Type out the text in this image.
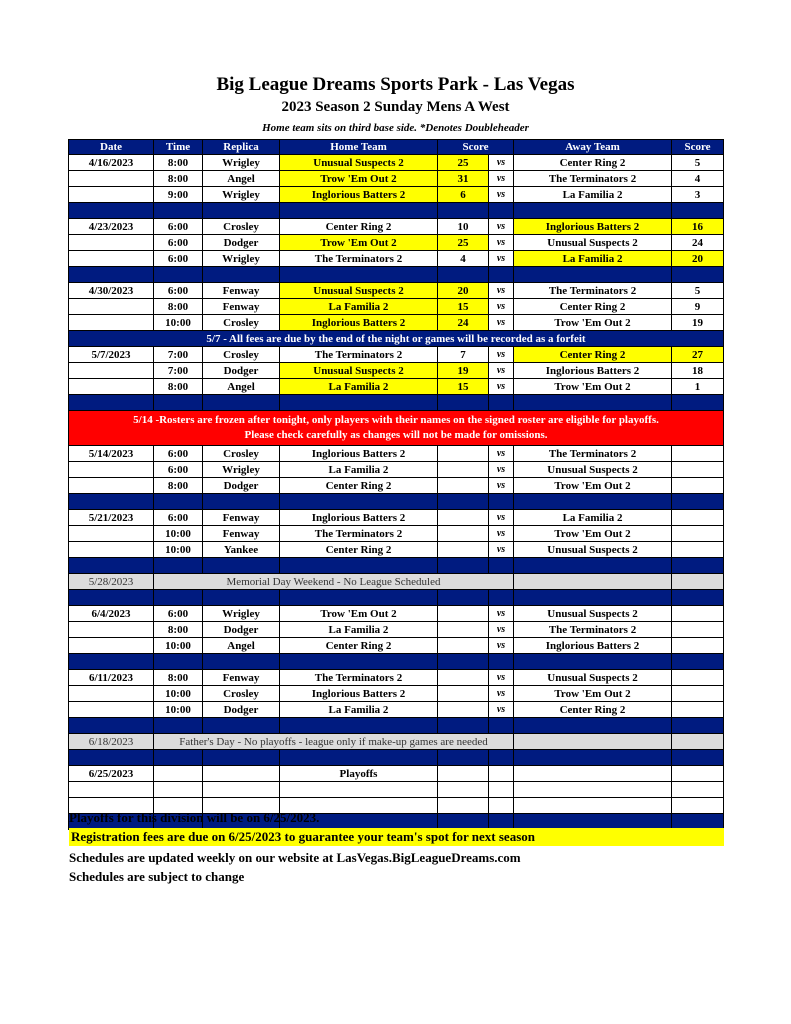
Big League Dreams Sports Park - Las Vegas
2023 Season 2 Sunday Mens A West
Home team sits on third base side. *Denotes Doubleheader
Date	Time	Replica	Home Team	Score		Away Team	Score
4/16/2023	8:00	Wrigley	Unusual Suspects 2	25	vs	Center Ring 2	5
	8:00	Angel	Trow 'Em Out 2	31	vs	The Terminators 2	4
	9:00	Wrigley	Inglorious Batters 2	6	vs	La Familia 2	3

4/23/2023	6:00	Crosley	Center Ring 2	10	vs	Inglorious Batters 2	16
	6:00	Dodger	Trow 'Em Out 2	25	vs	Unusual Suspects 2	24
	6:00	Wrigley	The Terminators 2	4	vs	La Familia 2	20

4/30/2023	6:00	Fenway	Unusual Suspects 2	20	vs	The Terminators 2	5
	8:00	Fenway	La Familia 2	15	vs	Center Ring 2	9
	10:00	Crosley	Inglorious Batters 2	24	vs	Trow 'Em Out 2	19
5/7 - All fees are due by the end of the night or games will be recorded as a forfeit							
5/7/2023	7:00	Crosley	The Terminators 2	7	vs	Center Ring 2	27
	7:00	Dodger	Unusual Suspects 2	19	vs	Inglorious Batters 2	18
	8:00	Angel	La Familia 2	15	vs	Trow 'Em Out 2	1

5/14 -Rosters are frozen after tonight, only players with their names on the signed roster are eligible for playoffs.
Please check carefully as changes will not be made for omissions.							

5/14/2023	6:00	Crosley	Inglorious Batters 2		vs	The Terminators 2	
	6:00	Wrigley	La Familia 2		vs	Unusual Suspects 2	
	8:00	Dodger	Center Ring 2		vs	Trow 'Em Out 2	

5/21/2023	6:00	Fenway	Inglorious Batters 2		vs	La Familia 2	
	10:00	Fenway	The Terminators 2		vs	Trow 'Em Out 2	
	10:00	Yankee	Center Ring 2		vs	Unusual Suspects 2	

5/28/2023	Memorial Day Weekend - No League Scheduled						

6/4/2023	6:00	Wrigley	Trow 'Em Out 2		vs	Unusual Suspects 2	
	8:00	Dodger	La Familia 2		vs	The Terminators 2	
	10:00	Angel	Center Ring 2		vs	Inglorious Batters 2	

6/11/2023	8:00	Fenway	The Terminators 2		vs	Unusual Suspects 2	
	10:00	Crosley	Inglorious Batters 2		vs	Trow 'Em Out 2	
	10:00	Dodger	La Familia 2		vs	Center Ring 2	

6/18/2023	Father's Day - No playoffs - league only if make-up games are needed						

6/25/2023			Playoffs				

Playoffs for this division will be on 6/25/2023.
Registration fees are due on 6/25/2023 to guarantee your team's spot for next season
Schedules are updated weekly on our website at LasVegas.BigLeagueDreams.com
Schedules are subject to change
